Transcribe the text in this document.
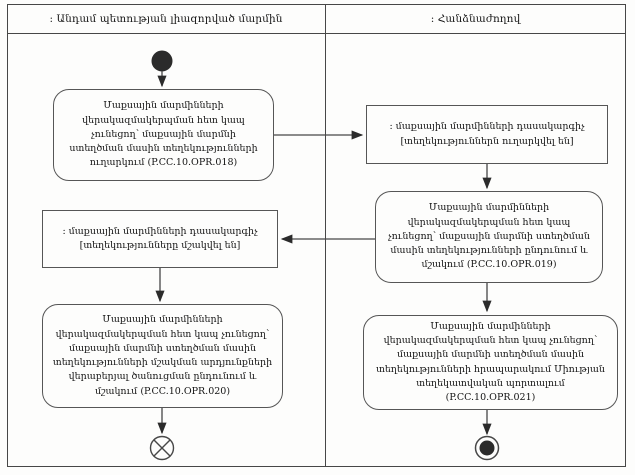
: Անդամ պետության լիազորված մարմին	: Հանձնաժողով
Մաքսային մարմինների վերակազմակերպման հետ կապ չունեցող՝ մաքսային մարմնի ստեղծման մասին տեղեկությունների ուղարկում (P.CC.10.OPR.018)
: մաքսային մարմինների դասակարգիչ
[տեղեկություններն ուղարկվել են]
Մաքսային մարմինների վերակազմակերպման հետ կապ չունեցող՝ մաքսային մարմնի ստեղծման մասին տեղեկությունների ընդունում և մշակում (P.CC.10.OPR.019)
: մաքսային մարմինների դասակարգիչ
[տեղեկությունները մշակվել են]
Մաքսային մարմինների վերակազմակերպման հետ կապ չունեցող՝ մաքսային մարմնի ստեղծման մասին տեղեկությունների մշակման արդյունքների վերաբերյալ ծանուցման ընդունում և մշակում (P.CC.10.OPR.020)
Մաքսային մարմինների վերակազմակերպման հետ կապ չունեցող՝ մաքսային մարմնի ստեղծման մասին տեղեկությունների հրապարակում Միության տեղեկատվական պորտալում (P.CC.10.OPR.021)
